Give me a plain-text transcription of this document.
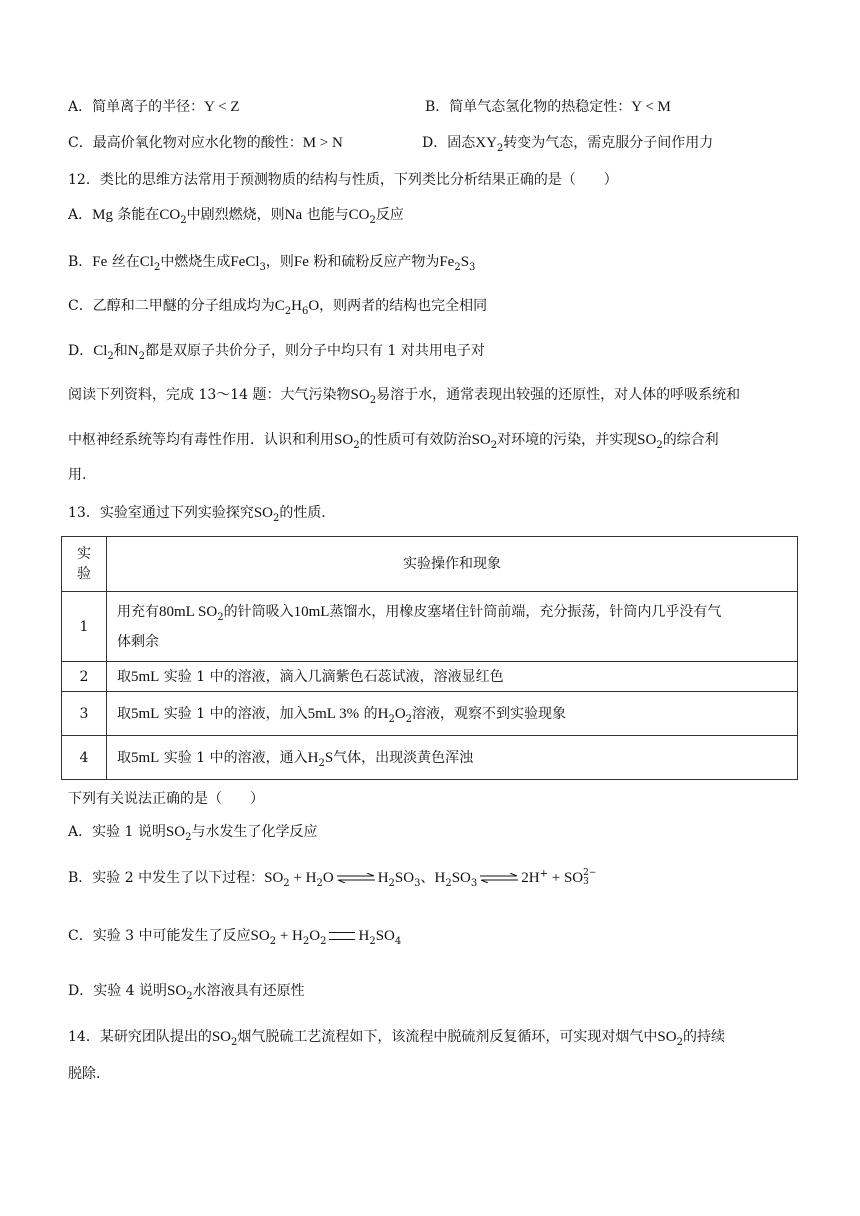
A．简单离子的半径：Y < Z	B．简单气态氢化物的热稳定性：Y < M
C．最高价氧化物对应水化物的酸性：M > N	D．固态$XY_2$转变为气态，需克服分子间作用力
12．类比的思维方法常用于预测物质的结构与性质，下列类比分析结果正确的是（　　）
A．Mg 条能在$CO_2$中剧烈燃烧，则Na 也能与$CO_2$反应
B．Fe 丝在$Cl_2$中燃烧生成FeCl$_3$，则Fe 粉和硫粉反应产物为$Fe_2S_3$
C．乙醇和二甲醚的分子组成均为$C_2H_6O$，则两者的结构也完全相同
D．$Cl_2$和$N_2$都是双原子共价分子，则分子中均只有 1 对共用电子对
阅读下列资料，完成 13～14 题：大气污染物$SO_2$易溶于水，通常表现出较强的还原性，对人体的呼吸系统和
中枢神经系统等均有毒性作用．认识和利用$SO_2$的性质可有效防治$SO_2$对环境的污染，并实现$SO_2$的综合利
用．
13．实验室通过下列实验探究$SO_2$的性质．
实
验	实验操作和现象
1	用充有80mL $SO_2$的针筒吸入10mL蒸馏水，用橡皮塞堵住针筒前端，充分振荡，针筒内几乎没有气
体剩余
2	取5mL 实验 1 中的溶液，滴入几滴紫色石蕊试液，溶液显红色
3	取5mL 实验 1 中的溶液，加入5mL 3% 的$H_2O_2$溶液，观察不到实验现象
4	取5mL 实验 1 中的溶液，通入$H_2S$气体，出现淡黄色浑浊
下列有关说法正确的是（　　）
A．实验 1 说明$SO_2$与水发生了化学反应
B．实验 2 中发生了以下过程：$SO_2 + H_2O$ ⇌ $H_2SO_3$、$H_2SO_3$ ⇌ 2H+ + SO 2−
3
C．实验 3 中可能发生了反应$SO_2 + H_2O_2$ $H_2SO_4$
D．实验 4 说明$SO_2$水溶液具有还原性
14．某研究团队提出的$SO_2$烟气脱硫工艺流程如下，该流程中脱硫剂反复循环，可实现对烟气中$SO_2$的持续
脱除．
